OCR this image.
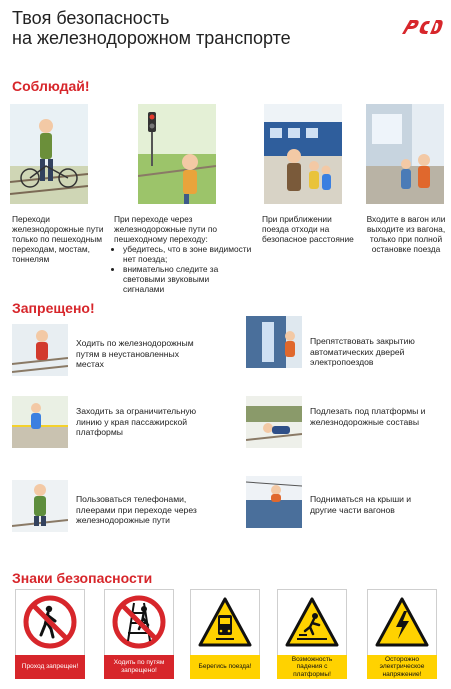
Твоя безопасность
на железнодорожном транспорте
Соблюдай!
Переходи железнодорожные пути только по пешеходным переходам, мостам, тоннелям
При переходе через железнодорожные пути по пешеходному переходу:
• убедитесь, что в зоне видимости нет поезда;
• внимательно следите за световыми звуковыми сигналами
При приближении поезда отходи на безопасное расстояние
Входите в вагон или выходите из вагона, только при полной остановке поезда
Запрещено!
Ходить по железнодорожным путям в неустановленных местах
Препятствовать закрытию автоматических дверей электропоездов
Заходить за ограничительную линию у края пассажирской платформы
Подлезать под платформы и железнодорожные составы
Пользоваться телефонами, плеерами при переходе через железнодорожные пути
Подниматься на крыши и другие части вагонов
Знаки безопасности
Проход запрещен!
Ходить по путям запрещено!
Берегись поезда!
Возможность падения с платформы!
Осторожно электрическое напряжение!
